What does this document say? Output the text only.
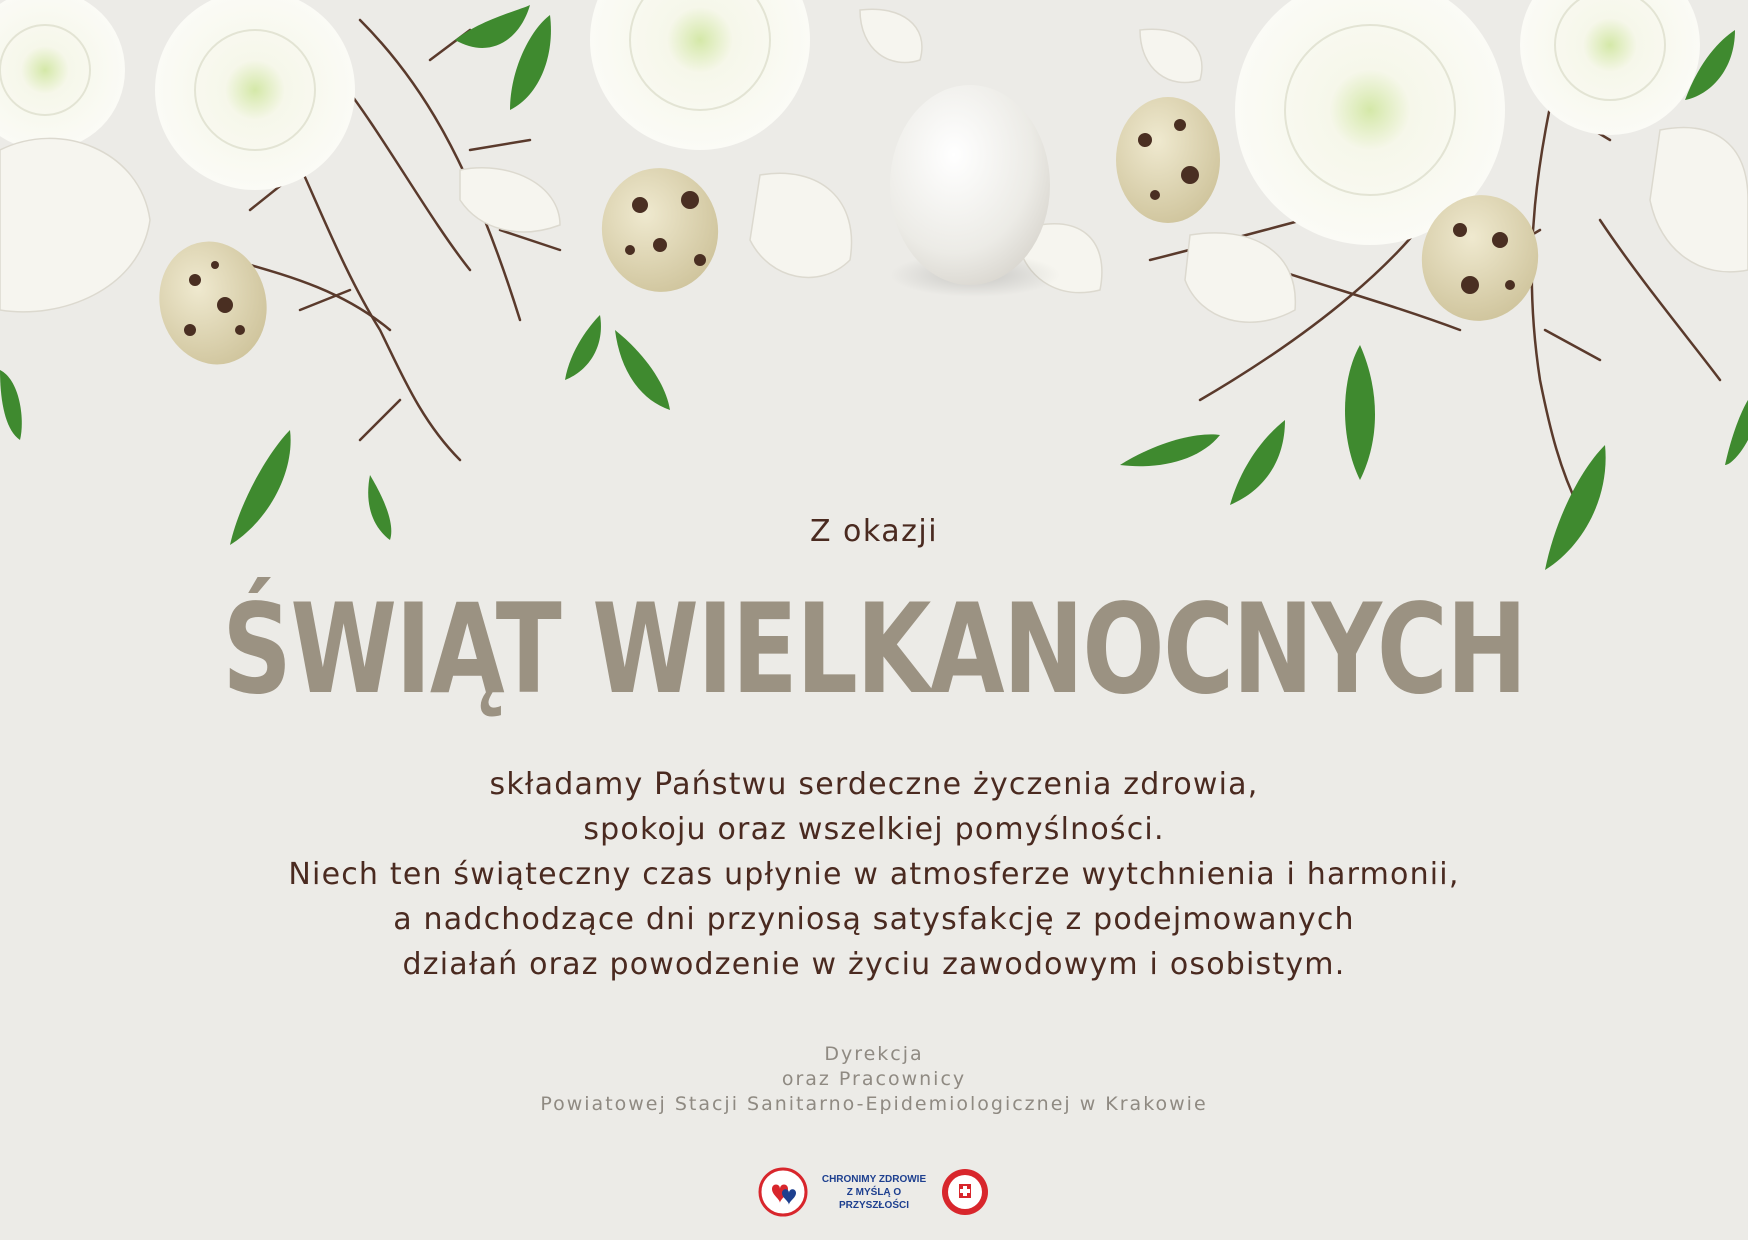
Z okazji
ŚWIĄT WIELKANOCNYCH
składamy Państwu serdeczne życzenia zdrowia,
spokoju oraz wszelkiej pomyślności.
Niech ten świąteczny czas upłynie w atmosferze wytchnienia i harmonii,
a nadchodzące dni przyniosą satysfakcję z podejmowanych
działań oraz powodzenie w życiu zawodowym i osobistym.
Dyrekcja
oraz Pracownicy
Powiatowej Stacji Sanitarno-Epidemiologicznej w Krakowie
CHRONIMY ZDROWIE
Z MYŚLĄ O PRZYSZŁOŚCI
